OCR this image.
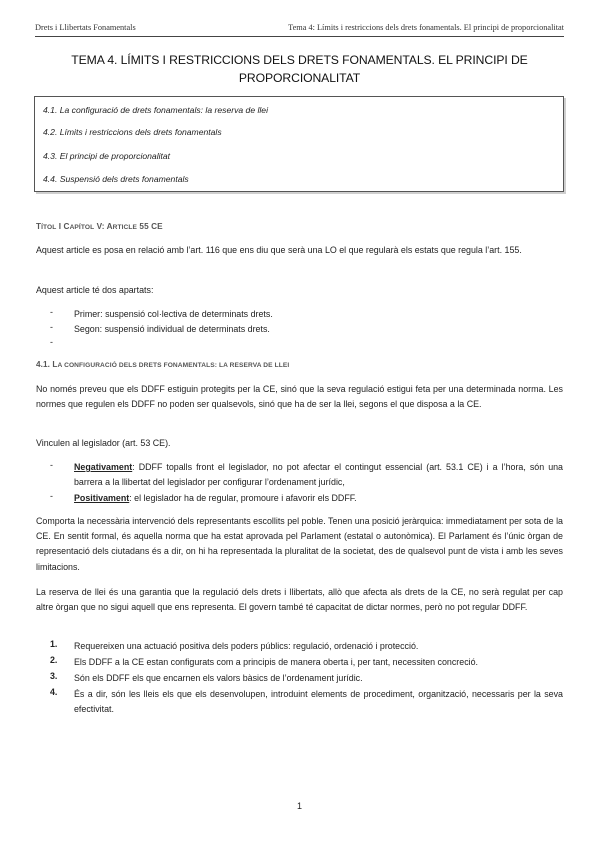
Drets i Llibertats Fonamentals	Tema 4: Límits i restriccions dels drets fonamentals. El principi de proporcionalitat
TEMA 4. LÍMITS I RESTRICCIONS DELS DRETS FONAMENTALS. EL PRINCIPI DE
PROPORCIONALITAT
4.1. La configuració de drets fonamentals: la reserva de llei
4.2. Límits i restriccions dels drets fonamentals
4.3. El principi de proporcionalitat
4.4. Suspensió dels drets fonamentals
TÍTOL I CAPÍTOL V: ARTICLE 55 CE
Aquest article es posa en relació amb l’art. 116 que ens diu que serà una LO el que regularà els estats que regula l’art. 155.
Aquest article té dos apartats:
-	Primer: suspensió col·lectiva de determinats drets.
-	Segon: suspensió individual de determinats drets.
-
4.1. LA CONFIGURACIÓ DELS DRETS FONAMENTALS: LA RESERVA DE LLEI
No només preveu que els DDFF estiguin protegits per la CE, sinó que la seva regulació estigui feta per una determinada norma. Les normes que regulen els DDFF no poden ser qualsevols, sinó que ha de ser la llei, segons el que disposa a la CE.
Vinculen al legislador (art. 53 CE).
-	Negativament: DDFF topalls front el legislador, no pot afectar el contingut essencial (art. 53.1 CE) i a l’hora, són una barrera a la llibertat del legislador per configurar l’ordenament jurídic,
-	Positivament: el legislador ha de regular, promoure i afavorir els DDFF.
Comporta la necessària intervenció dels representants escollits pel poble. Tenen una posició jeràrquica: immediatament per sota de la CE. En sentit formal, és aquella norma que ha estat aprovada pel Parlament (estatal o autonòmica). El Parlament és l’únic òrgan de representació dels ciutadans és a dir, on hi ha representada la pluralitat de la societat, des de qualsevol punt de vista i amb les seves limitacions.
La reserva de llei és una garantia que la regulació dels drets i llibertats, allò que afecta als drets de la CE, no serà regulat per cap altre òrgan que no sigui aquell que ens representa. El govern també té capacitat de dictar normes, però no pot regular DDFF.
1. Requereixen una actuació positiva dels poders públics: regulació, ordenació i protecció.
2. Els DDFF a la CE estan configurats com a principis de manera oberta i, per tant, necessiten concreció.
3. Són els DDFF els que encarnen els valors bàsics de l’ordenament jurídic.
4. És a dir, són les lleis els que els desenvolupen, introduint elements de procediment, organització, necessaris per la seva efectivitat.
1
